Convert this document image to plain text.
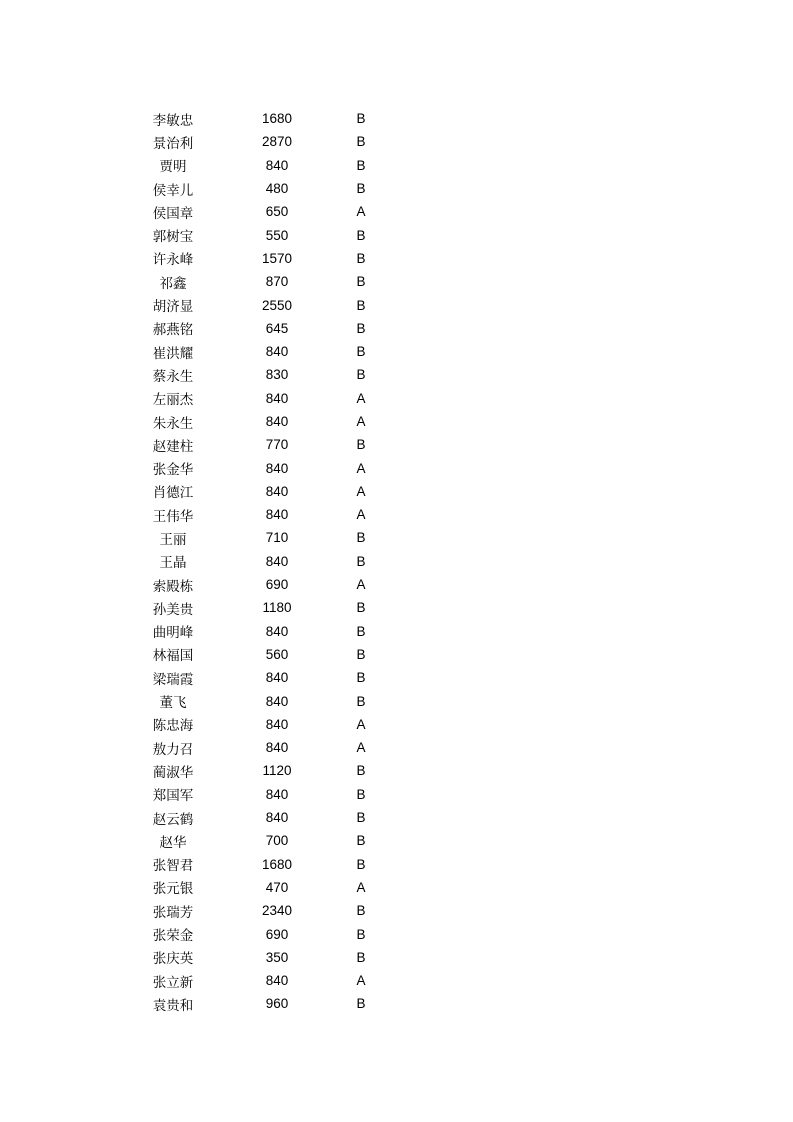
李敏忠	1680	B
景治利	2870	B
贾明	840	B
侯幸儿	480	B
侯国章	650	A
郭树宝	550	B
许永峰	1570	B
祁鑫	870	B
胡济显	2550	B
郝燕铭	645	B
崔洪耀	840	B
蔡永生	830	B
左丽杰	840	A
朱永生	840	A
赵建柱	770	B
张金华	840	A
肖德江	840	A
王伟华	840	A
王丽	710	B
王晶	840	B
索殿栋	690	A
孙美贵	1180	B
曲明峰	840	B
林福国	560	B
梁瑞霞	840	B
董飞	840	B
陈忠海	840	A
敖力召	840	A
蔺淑华	1120	B
郑国军	840	B
赵云鹤	840	B
赵华	700	B
张智君	1680	B
张元银	470	A
张瑞芳	2340	B
张荣金	690	B
张庆英	350	B
张立新	840	A
袁贵和	960	B
